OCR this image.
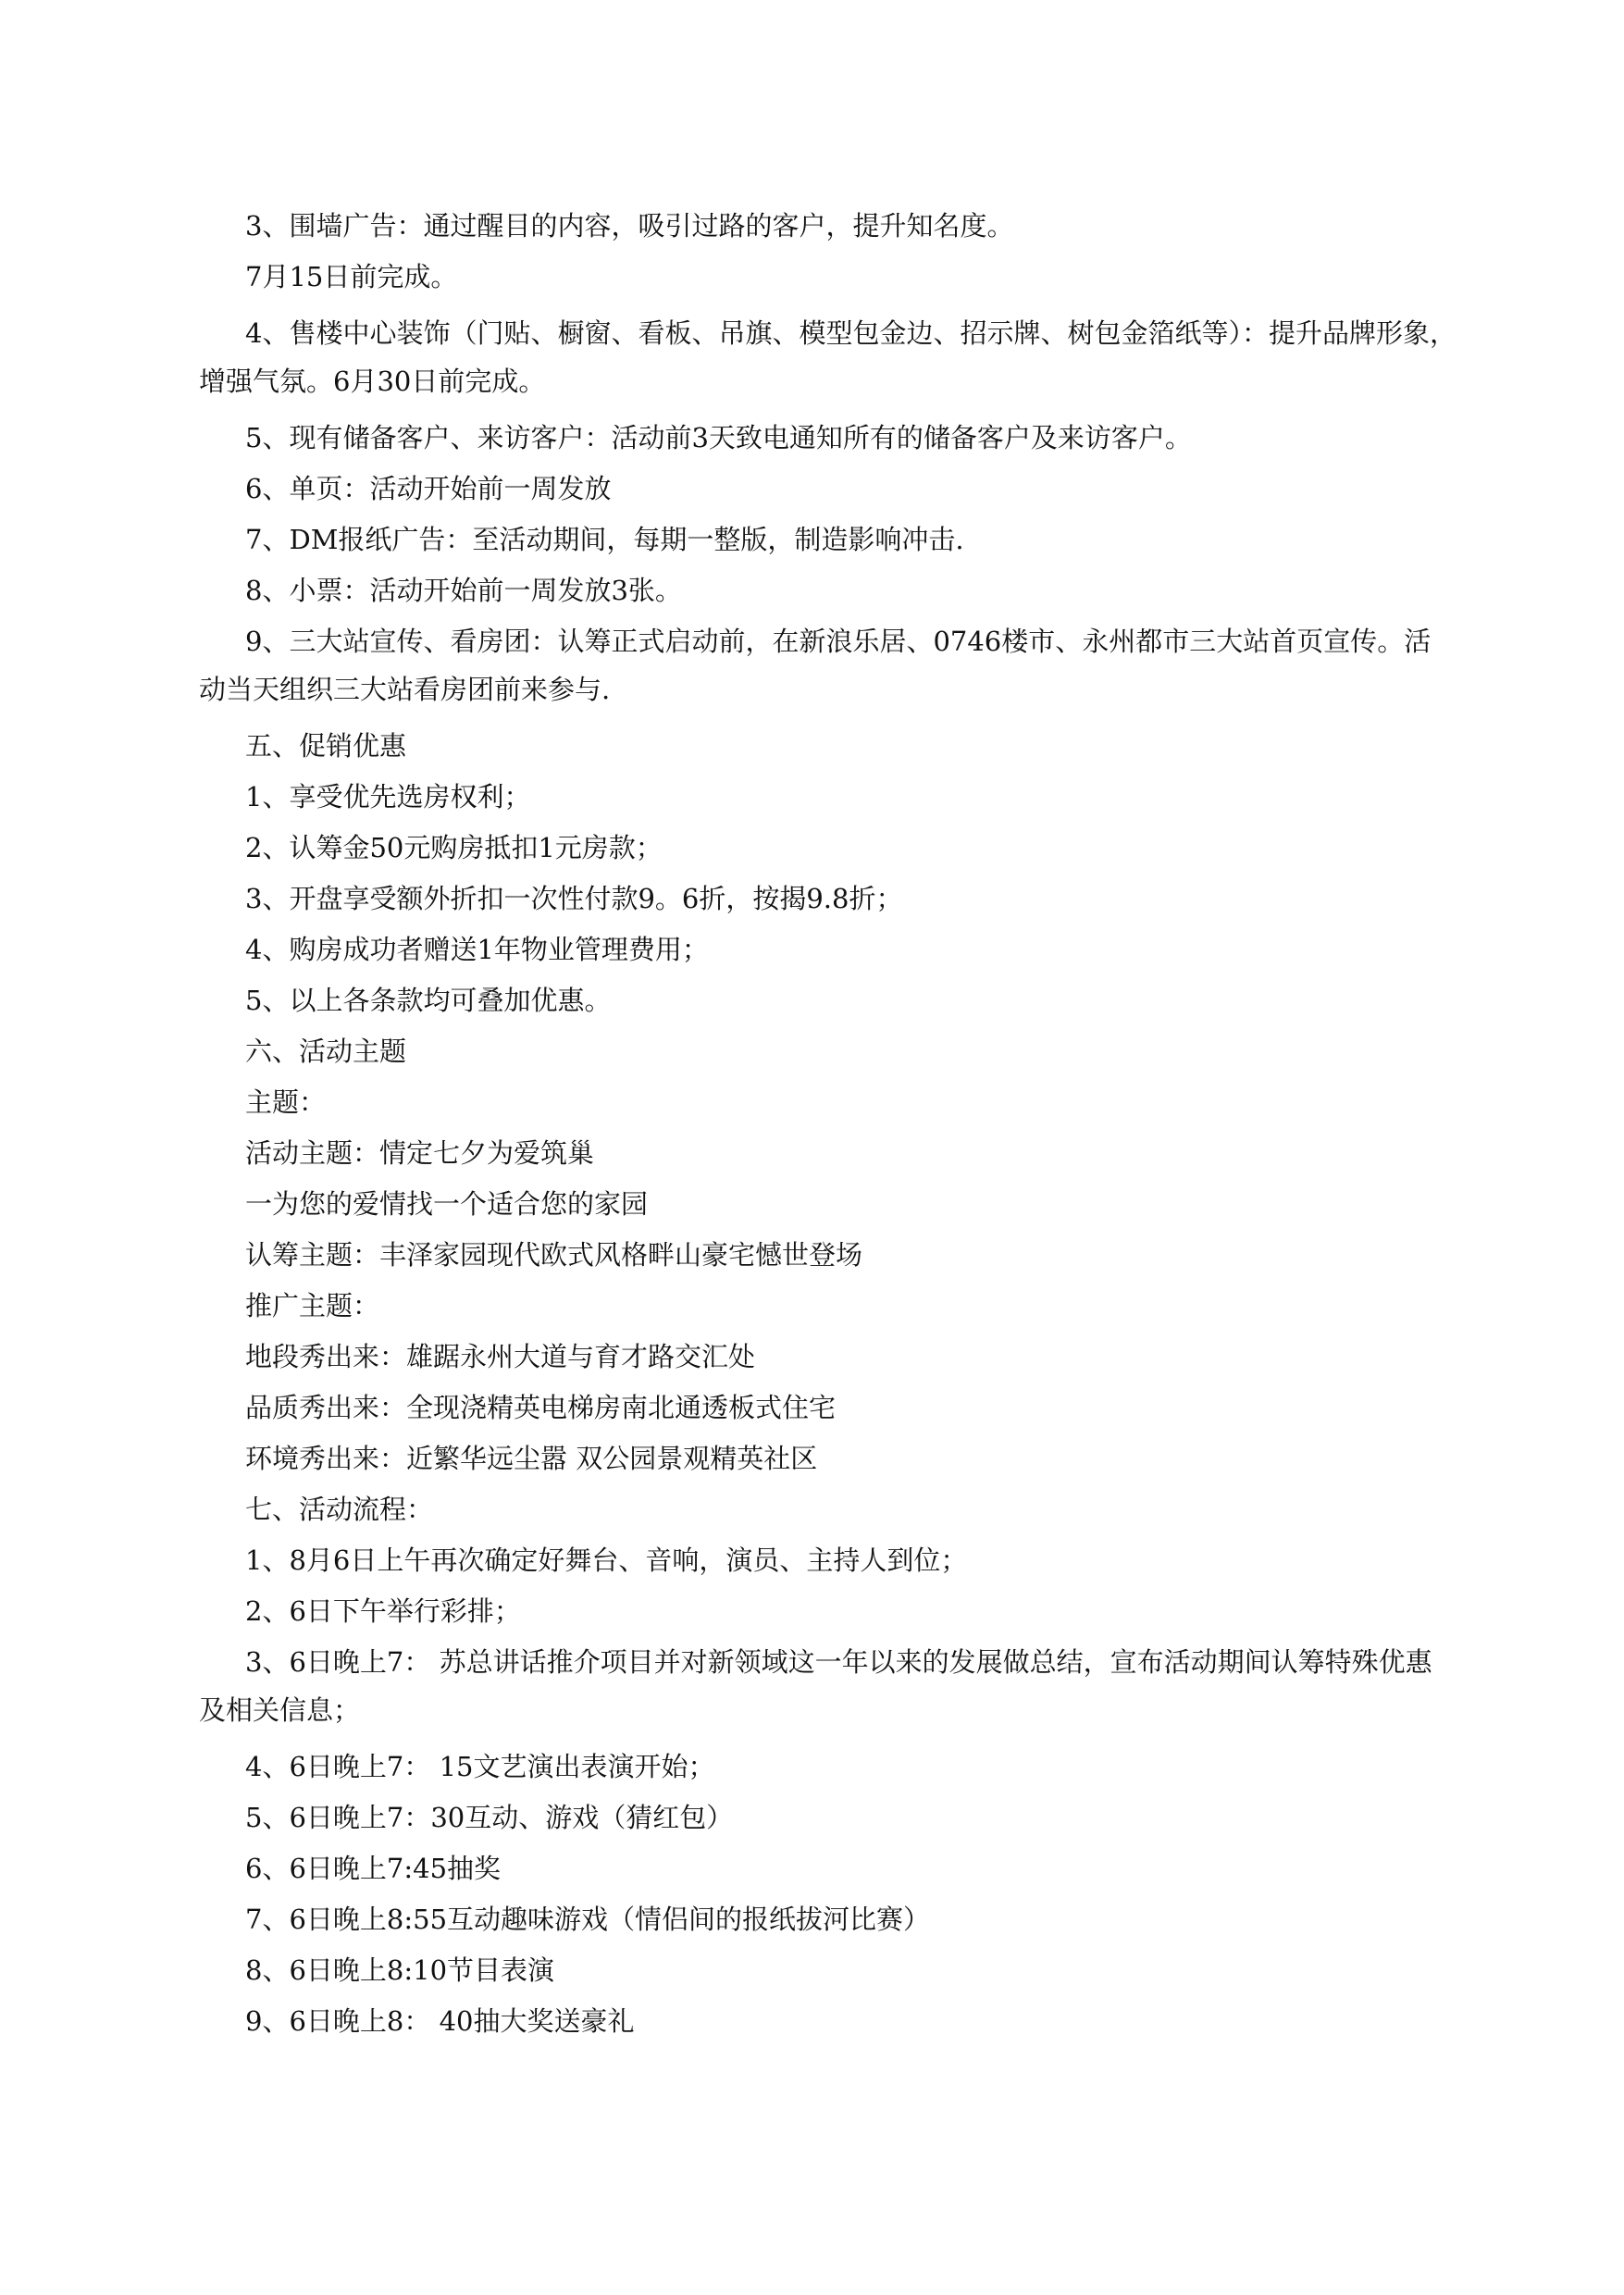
3、围墙广告：通过醒目的内容，吸引过路的客户，提升知名度。

7月15日前完成。

4、售楼中心装饰（门贴、橱窗、看板、吊旗、模型包金边、招示牌、树包金箔纸等）：提升品牌形象，增强气氛。6月30日前完成。

5、现有储备客户、来访客户：活动前3天致电通知所有的储备客户及来访客户。

6、单页：活动开始前一周发放

7、DM报纸广告：至活动期间，每期一整版，制造影响冲击.

8、小票：活动开始前一周发放3张。

9、三大站宣传、看房团：认筹正式启动前，在新浪乐居、0746楼市、永州都市三大站首页宣传。活动当天组织三大站看房团前来参与.

五、促销优惠

1、享受优先选房权利；

2、认筹金50元购房抵扣1元房款；

3、开盘享受额外折扣一次性付款9。6折，按揭9.8折；

4、购房成功者赠送1年物业管理费用；

5、以上各条款均可叠加优惠。

六、活动主题

主题：

活动主题：情定七夕为爱筑巢

一为您的爱情找一个适合您的家园

认筹主题：丰泽家园现代欧式风格畔山豪宅憾世登场

推广主题：

地段秀出来：雄踞永州大道与育才路交汇处

品质秀出来：全现浇精英电梯房南北通透板式住宅

环境秀出来：近繁华远尘嚣 双公园景观精英社区

七、活动流程：

1、8月6日上午再次确定好舞台、音响，演员、主持人到位；

2、6日下午举行彩排；

3、6日晚上7： 苏总讲话推介项目并对新领域这一年以来的发展做总结，宣布活动期间认筹特殊优惠及相关信息；

4、6日晚上7： 15文艺演出表演开始；

5、6日晚上7：30互动、游戏（猜红包）

6、6日晚上7:45抽奖

7、6日晚上8:55互动趣味游戏（情侣间的报纸拔河比赛）

8、6日晚上8:10节目表演

9、6日晚上8： 40抽大奖送豪礼
